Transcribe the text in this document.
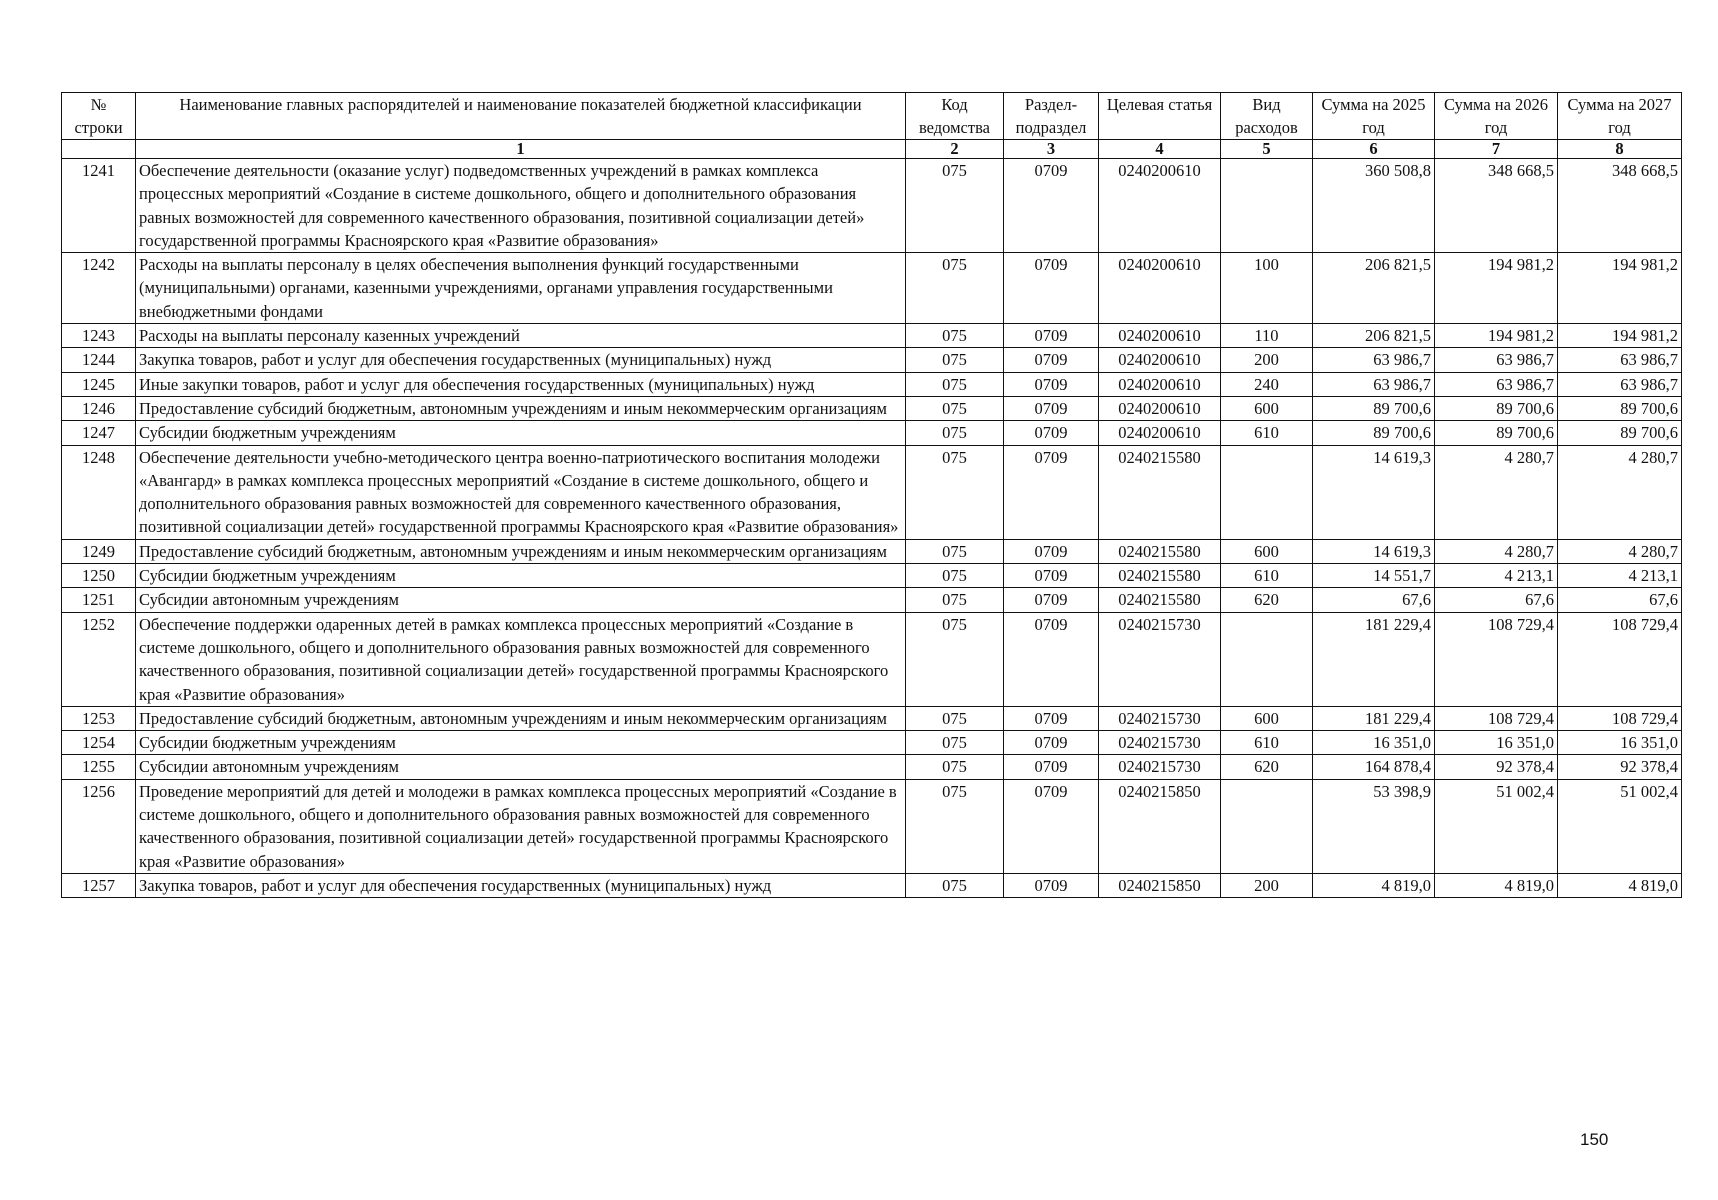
№ строки	Наименование главных распорядителей и наименование показателей бюджетной классификации	Код ведомства	Раздел-подраздел	Целевая статья	Вид расходов	Сумма на 2025 год	Сумма на 2026 год	Сумма на 2027 год
	1	2	3	4	5	6	7	8
1241	Обеспечение деятельности (оказание услуг) подведомственных учреждений в рамках комплекса процессных мероприятий «Создание в системе дошкольного, общего и дополнительного образования равных возможностей для современного качественного образования, позитивной социализации детей» государственной программы Красноярского края «Развитие образования»	075	0709	0240200610		360 508,8	348 668,5	348 668,5
1242	Расходы на выплаты персоналу в целях обеспечения выполнения функций государственными (муниципальными) органами, казенными учреждениями, органами управления государственными внебюджетными фондами	075	0709	0240200610	100	206 821,5	194 981,2	194 981,2
1243	Расходы на выплаты персоналу казенных учреждений	075	0709	0240200610	110	206 821,5	194 981,2	194 981,2
1244	Закупка товаров, работ и услуг для обеспечения государственных (муниципальных) нужд	075	0709	0240200610	200	63 986,7	63 986,7	63 986,7
1245	Иные закупки товаров, работ и услуг для обеспечения государственных (муниципальных) нужд	075	0709	0240200610	240	63 986,7	63 986,7	63 986,7
1246	Предоставление субсидий бюджетным, автономным учреждениям и иным некоммерческим организациям	075	0709	0240200610	600	89 700,6	89 700,6	89 700,6
1247	Субсидии бюджетным учреждениям	075	0709	0240200610	610	89 700,6	89 700,6	89 700,6
1248	Обеспечение деятельности учебно-методического центра военно-патриотического воспитания молодежи «Авангард» в рамках комплекса процессных мероприятий «Создание в системе дошкольного, общего и дополнительного образования равных возможностей для современного качественного образования, позитивной социализации детей» государственной программы Красноярского края «Развитие образования»	075	0709	0240215580		14 619,3	4 280,7	4 280,7
1249	Предоставление субсидий бюджетным, автономным учреждениям и иным некоммерческим организациям	075	0709	0240215580	600	14 619,3	4 280,7	4 280,7
1250	Субсидии бюджетным учреждениям	075	0709	0240215580	610	14 551,7	4 213,1	4 213,1
1251	Субсидии автономным учреждениям	075	0709	0240215580	620	67,6	67,6	67,6
1252	Обеспечение поддержки одаренных детей в рамках комплекса процессных мероприятий «Создание в системе дошкольного, общего и дополнительного образования равных возможностей для современного качественного образования, позитивной социализации детей» государственной программы Красноярского края «Развитие образования»	075	0709	0240215730		181 229,4	108 729,4	108 729,4
1253	Предоставление субсидий бюджетным, автономным учреждениям и иным некоммерческим организациям	075	0709	0240215730	600	181 229,4	108 729,4	108 729,4
1254	Субсидии бюджетным учреждениям	075	0709	0240215730	610	16 351,0	16 351,0	16 351,0
1255	Субсидии автономным учреждениям	075	0709	0240215730	620	164 878,4	92 378,4	92 378,4
1256	Проведение мероприятий для детей и молодежи в рамках комплекса процессных мероприятий «Создание в системе дошкольного, общего и дополнительного образования равных возможностей для современного качественного образования, позитивной социализации детей» государственной программы Красноярского края «Развитие образования»	075	0709	0240215850		53 398,9	51 002,4	51 002,4
1257	Закупка товаров, работ и услуг для обеспечения государственных (муниципальных) нужд	075	0709	0240215850	200	4 819,0	4 819,0	4 819,0
150
